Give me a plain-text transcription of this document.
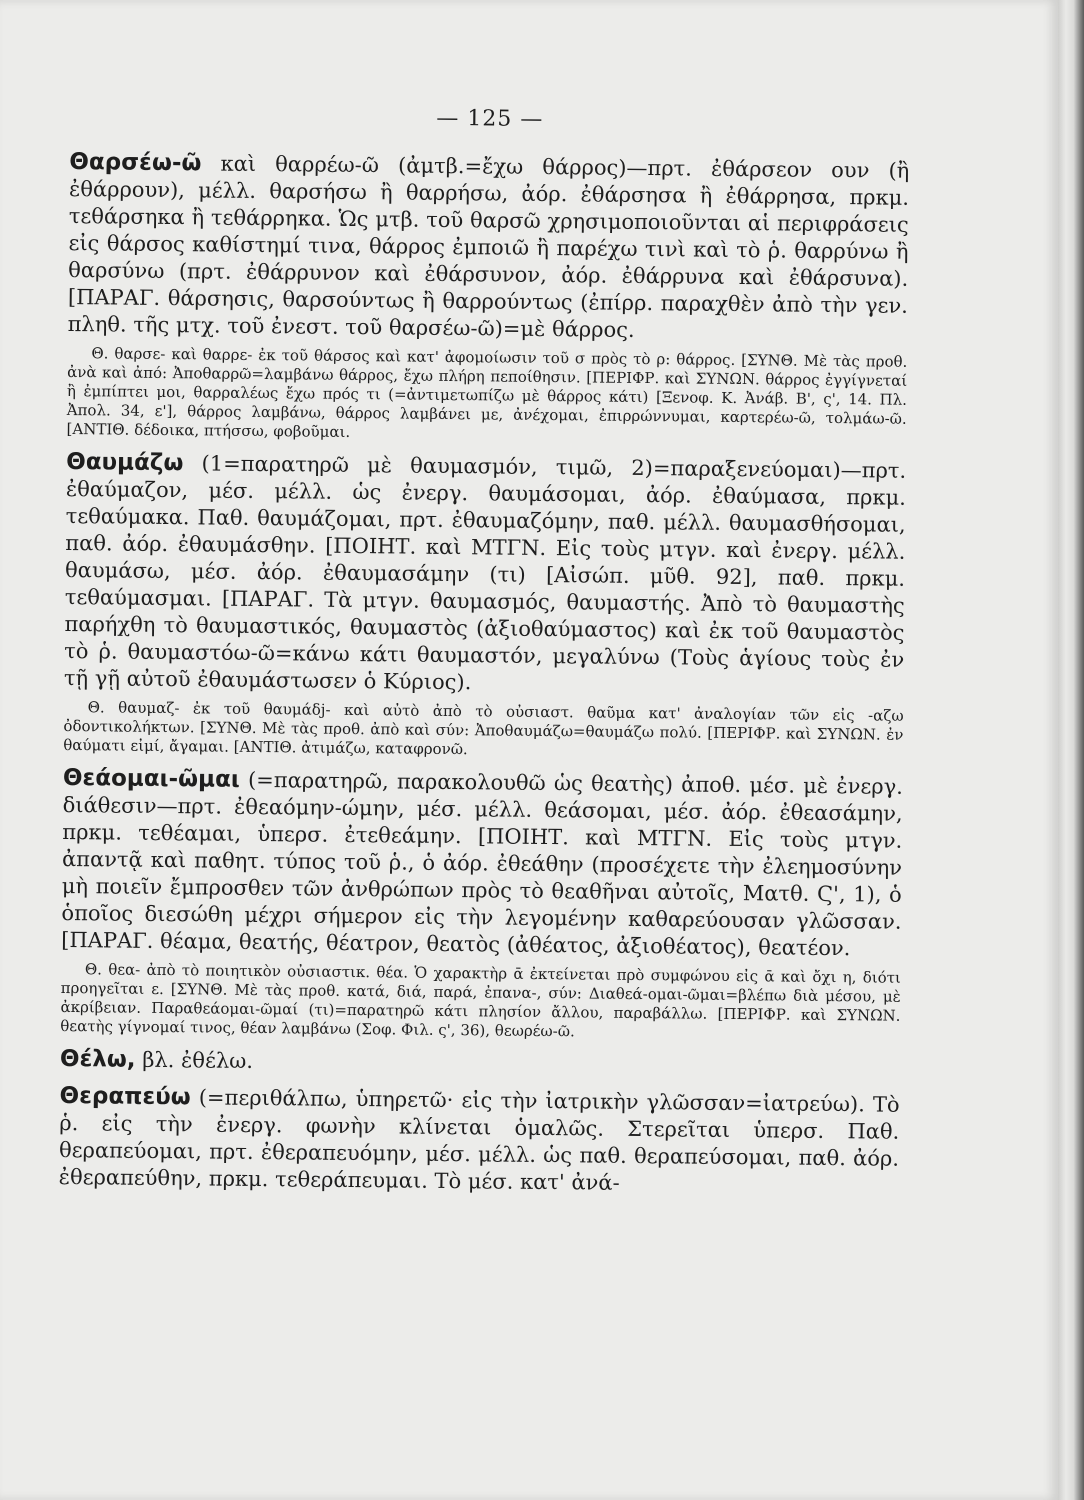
— 125 —

Θαρσέω-ῶ καὶ θαρρέω-ῶ (ἀμτβ.=ἔχω θάρρος)—πρτ. ἐθάρσεον ουν (ἢ ἐθάρρουν), μέλλ. θαρσήσω ἢ θαρρήσω, ἀόρ. ἐθάρσησα ἢ ἐθάρρησα, πρκμ. τεθάρσηκα ἢ τεθάρρηκα. Ὡς μτβ. τοῦ θαρσῶ χρησιμοποιοῦνται αἱ περιφράσεις εἰς θάρσος καθίστημί τινα, θάρρος ἐμποιῶ ἢ παρέχω τινὶ καὶ τὸ ῥ. θαρρύνω ἢ θαρσύνω (πρτ. ἐθάρρυνον καὶ ἐθάρσυνον, ἀόρ. ἐθάρρυνα καὶ ἐθάρσυνα). [ΠΑΡΑΓ. θάρσησις, θαρσούντως ἢ θαρρούντως (ἐπίρρ. παραχθὲν ἀπὸ τὴν γεν. πληθ. τῆς μτχ. τοῦ ἐνεστ. τοῦ θαρσέω-ῶ)=μὲ θάρρος.

Θ. θαρσε- καὶ θαρρε- ἐκ τοῦ θάρσος καὶ κατ' ἀφομοίωσιν τοῦ σ πρὸς τὸ ρ: θάρρος. [ΣΥΝΘ. Μὲ τὰς προθ. ἀνὰ καὶ ἀπό: Ἀποθαρρῶ=λαμβάνω θάρρος, ἔχω πλήρη πεποίθησιν. [ΠΕΡΙΦΡ. καὶ ΣΥΝΩΝ. θάρρος ἐγγίγνεταί ἢ ἐμπίπτει μοι, θαρραλέως ἔχω πρός τι (=ἀντιμετωπίζω μὲ θάρρος κάτι) [Ξενοφ. Κ. Ἀνάβ. Β', ς', 14. Πλ. Ἀπολ. 34, ε'], θάρρος λαμβάνω, θάρρος λαμβάνει με, ἀνέχομαι, ἐπιρρώννυμαι, καρτερέω-ῶ, τολμάω-ῶ. [ΑΝΤΙΘ. δέδοικα, πτήσσω, φοβοῦμαι.

Θαυμάζω (1=παρατηρῶ μὲ θαυμασμόν, τιμῶ, 2)=παραξενεύομαι)—πρτ. ἐθαύμαζον, μέσ. μέλλ. ὡς ἐνεργ. θαυμάσομαι, ἀόρ. ἐθαύμασα, πρκμ. τεθαύμακα. Παθ. θαυμάζομαι, πρτ. ἐθαυμαζόμην, παθ. μέλλ. θαυμασθήσομαι, παθ. ἀόρ. ἐθαυμάσθην. [ΠΟΙΗΤ. καὶ ΜΤΓΝ. Εἰς τοὺς μτγν. καὶ ἐνεργ. μέλλ. θαυμάσω, μέσ. ἀόρ. ἐθαυμασάμην (τι) [Αἰσώπ. μῦθ. 92], παθ. πρκμ. τεθαύμασμαι. [ΠΑΡΑΓ. Τὰ μτγν. θαυμασμός, θαυμαστής. Ἀπὸ τὸ θαυμαστὴς παρήχθη τὸ θαυμαστικός, θαυμαστὸς (ἀξιοθαύμαστος) καὶ ἐκ τοῦ θαυμαστὸς τὸ ῥ. θαυμαστόω-ῶ=κάνω κάτι θαυμαστόν, μεγαλύνω (Τοὺς ἁγίους τοὺς ἐν τῇ γῇ αὐτοῦ ἐθαυμάστωσεν ὁ Κύριος).

Θ. θαυμαζ- ἐκ τοῦ θαυμάδj- καὶ αὐτὸ ἀπὸ τὸ οὐσιαστ. θαῦμα κατ' ἀναλογίαν τῶν εἰς -αζω ὀδοντικολήκτων. [ΣΥΝΘ. Μὲ τὰς προθ. ἀπὸ καὶ σύν: Ἀποθαυμάζω=θαυμάζω πολύ. [ΠΕΡΙΦΡ. καὶ ΣΥΝΩΝ. ἐν θαύματι εἰμί, ἄγαμαι. [ΑΝΤΙΘ. ἀτιμάζω, καταφρονῶ.

Θεάομαι-ῶμαι (=παρατηρῶ, παρακολουθῶ ὡς θεατὴς) ἀποθ. μέσ. μὲ ἐνεργ. διάθεσιν—πρτ. ἐθεαόμην-ώμην, μέσ. μέλλ. θεάσομαι, μέσ. ἀόρ. ἐθεασάμην, πρκμ. τεθέαμαι, ὑπερσ. ἐτεθεάμην. [ΠΟΙΗΤ. καὶ ΜΤΓΝ. Εἰς τοὺς μτγν. ἀπαντᾷ καὶ παθητ. τύπος τοῦ ῥ., ὁ ἀόρ. ἐθεάθην (προσέχετε τὴν ἐλεημοσύνην μὴ ποιεῖν ἔμπροσθεν τῶν ἀνθρώπων πρὸς τὸ θεαθῆναι αὐτοῖς, Ματθ. Ϛ', 1), ὁ ὁποῖος διεσώθη μέχρι σήμερον εἰς τὴν λεγομένην καθαρεύουσαν γλῶσσαν. [ΠΑΡΑΓ. θέαμα, θεατής, θέατρον, θεατὸς (ἀθέατος, ἀξιοθέατος), θεατέον.

Θ. θεα- ἀπὸ τὸ ποιητικὸν οὐσιαστικ. θέα. Ὁ χαρακτὴρ ᾱ ἐκτείνεται πρὸ συμφώνου εἰς ᾱ καὶ ὄχι η, διότι προηγεῖται ε. [ΣΥΝΘ. Μὲ τὰς προθ. κατά, διά, παρά, ἐπανα-, σύν: Διαθεά-ομαι-ῶμαι=βλέπω διὰ μέσου, μὲ ἀκρίβειαν. Παραθεάομαι-ῶμαί (τι)=παρατηρῶ κάτι πλησίον ἄλλου, παραβάλλω. [ΠΕΡΙΦΡ. καὶ ΣΥΝΩΝ. θεατὴς γίγνομαί τινος, θέαν λαμβάνω (Σοφ. Φιλ. ς', 36), θεωρέω-ῶ.

Θέλω, βλ. ἐθέλω.

Θεραπεύω (=περιθάλπω, ὑπηρετῶ· εἰς τὴν ἰατρικὴν γλῶσσαν=ἰατρεύω). Τὸ ῥ. εἰς τὴν ἐνεργ. φωνὴν κλίνεται ὁμαλῶς. Στερεῖται ὑπερσ. Παθ. θεραπεύομαι, πρτ. ἐθεραπευόμην, μέσ. μέλλ. ὡς παθ. θεραπεύσομαι, παθ. ἀόρ. ἐθεραπεύθην, πρκμ. τεθεράπευμαι. Τὸ μέσ. κατ' ἀνά-
